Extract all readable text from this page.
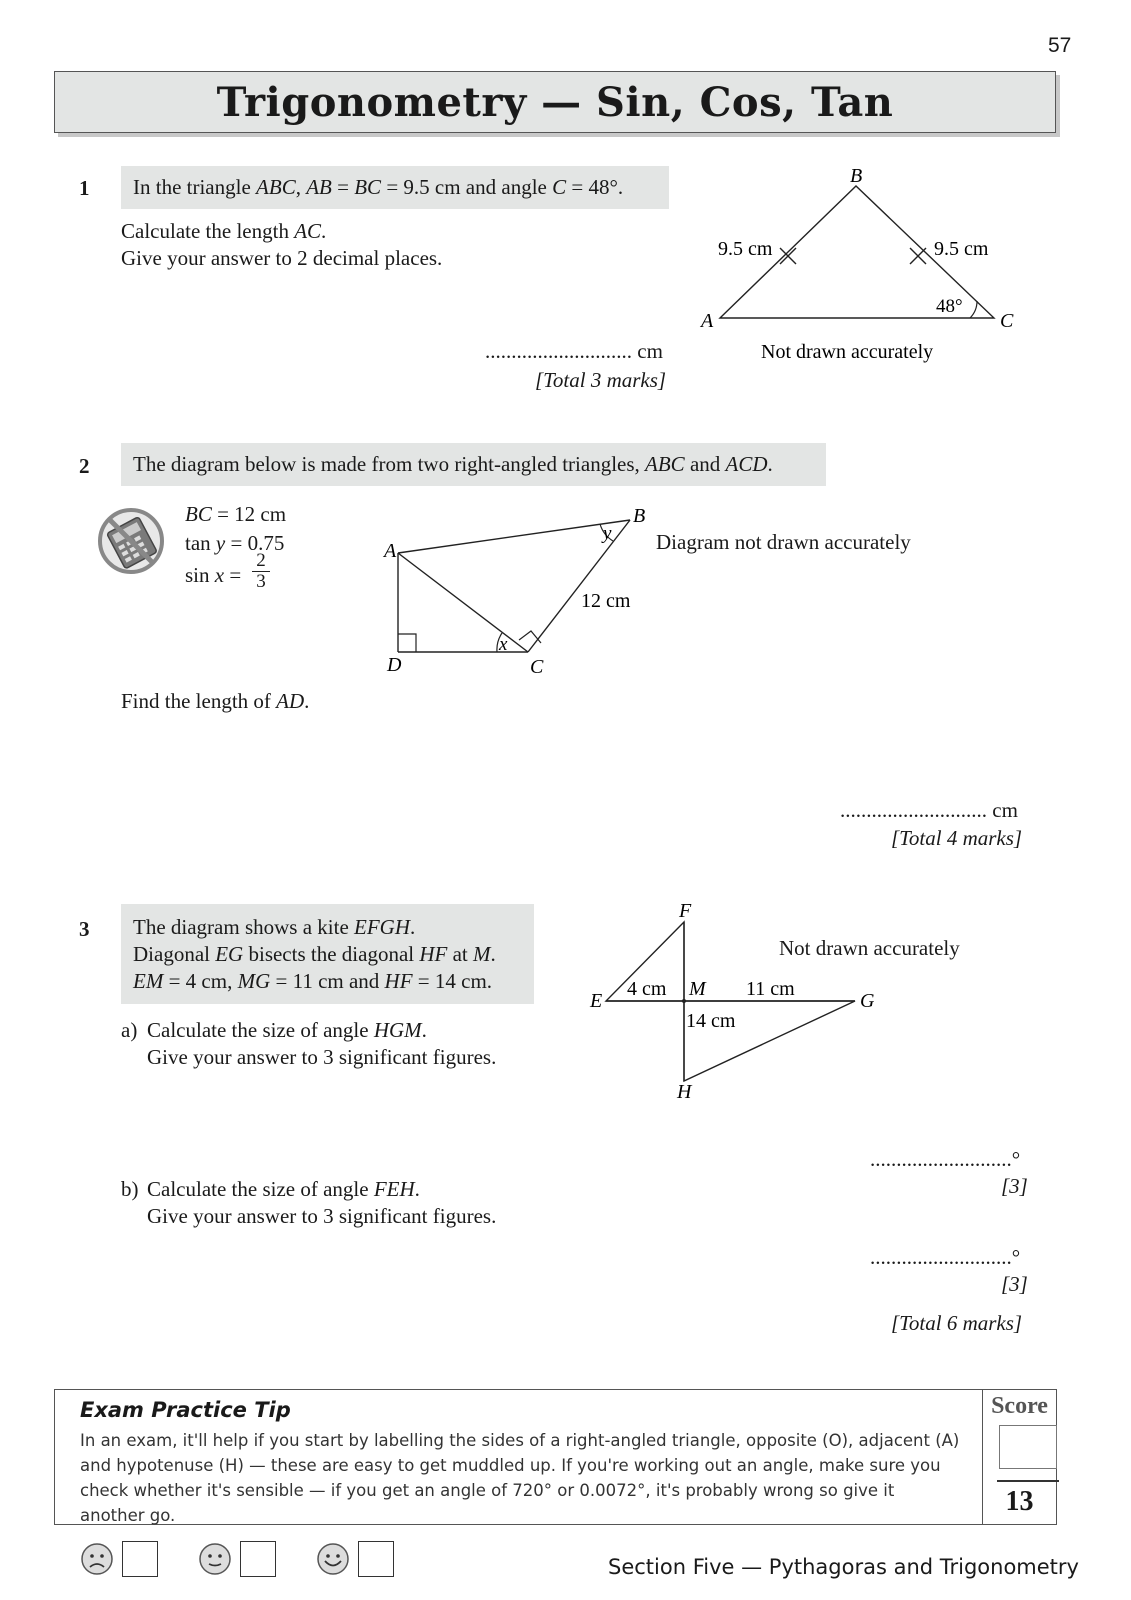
57
Trigonometry — Sin, Cos, Tan
1	In the triangle ABC, AB = BC = 9.5 cm and angle C = 48°.
Calculate the length AC.
Give your answer to 2 decimal places.
............................ cm
[Total 3 marks]
B
A	C
9.5 cm	9.5 cm
48°
Not drawn accurately
2	The diagram below is made from two right-angled triangles, ABC and ACD.
BC = 12 cm
tan y = 0.75
$\sin x = \frac{2}{3}$	A
B
C
D
x
y
12 cm
Diagram not drawn accurately
Find the length of AD.
............................ cm
[Total 4 marks]
3	The diagram shows a kite EFGH.
Diagonal EG bisects the diagonal HF at M.
EM = 4 cm, MG = 11 cm and HF = 14 cm.
a) Calculate the size of angle HGM.
Give your answer to 3 significant figures.
F
E	G
H
M
4 cm	11 cm
14 cm
Not drawn accurately
...........................°
[3]
b) Calculate the size of angle FEH.
Give your answer to 3 significant figures.
...........................°
[3]
[Total 6 marks]
Exam Practice Tip
In an exam, it'll help if you start by labelling the sides of a right-angled triangle, opposite (O), adjacent (A) and hypotenuse (H) — these are easy to get muddled up. If you're working out an angle, make sure you check whether it's sensible — if you get an angle of 720° or 0.0072°, it's probably wrong so give it another go.
Score
13
Section Five — Pythagoras and Trigonometry
